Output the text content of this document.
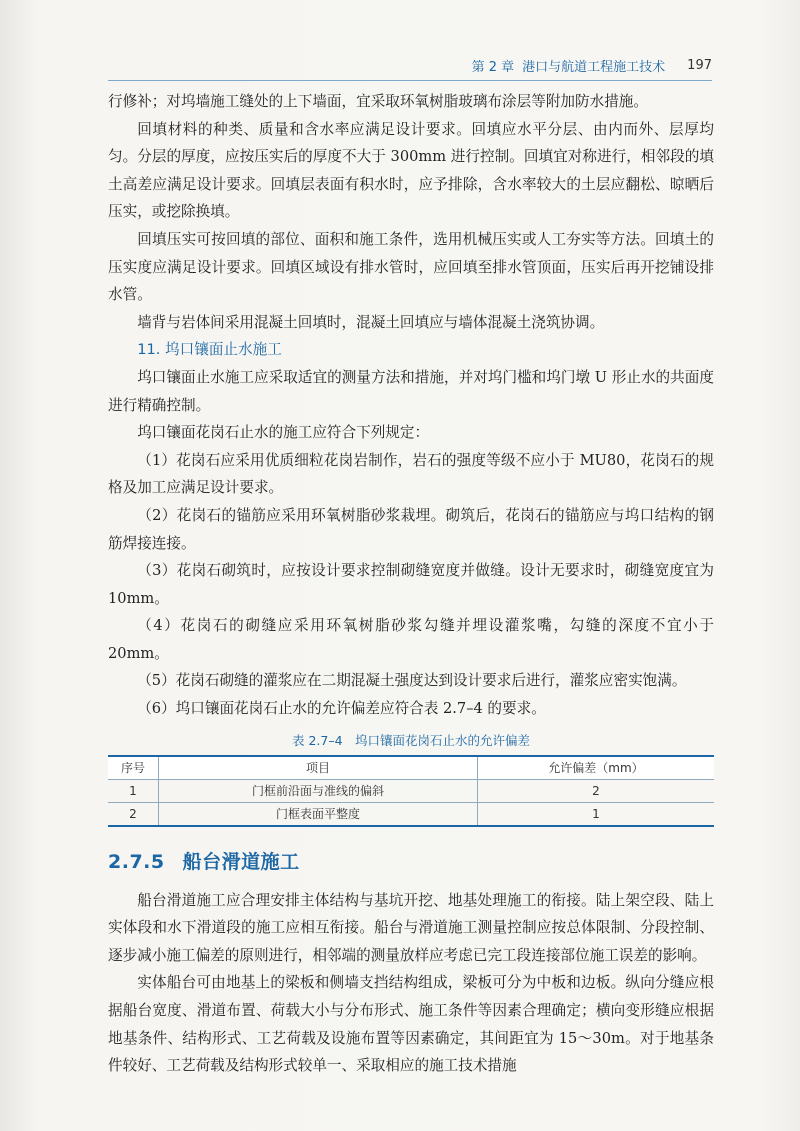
第 2 章 港口与航道工程施工技术 197

行修补；对坞墙施工缝处的上下墙面，宜采取环氧树脂玻璃布涂层等附加防水措施。

回填材料的种类、质量和含水率应满足设计要求。回填应水平分层、由内而外、层厚均匀。分层的厚度，应按压实后的厚度不大于 300mm 进行控制。回填宜对称进行，相邻段的填土高差应满足设计要求。回填层表面有积水时，应予排除，含水率较大的土层应翻松、晾晒后压实，或挖除换填。

回填压实可按回填的部位、面积和施工条件，选用机械压实或人工夯实等方法。回填土的压实度应满足设计要求。回填区域设有排水管时，应回填至排水管顶面，压实后再开挖铺设排水管。

墙背与岩体间采用混凝土回填时，混凝土回填应与墙体混凝土浇筑协调。

11. 坞口镶面止水施工

坞口镶面止水施工应采取适宜的测量方法和措施，并对坞门槛和坞门墩 U 形止水的共面度进行精确控制。

坞口镶面花岗石止水的施工应符合下列规定：

（1）花岗石应采用优质细粒花岗岩制作，岩石的强度等级不应小于 MU80，花岗石的规格及加工应满足设计要求。

（2）花岗石的锚筋应采用环氧树脂砂浆栽埋。砌筑后，花岗石的锚筋应与坞口结构的钢筋焊接连接。

（3）花岗石砌筑时，应按设计要求控制砌缝宽度并做缝。设计无要求时，砌缝宽度宜为 10mm。

（4）花岗石的砌缝应采用环氧树脂砂浆勾缝并埋设灌浆嘴，勾缝的深度不宜小于 20mm。

（5）花岗石砌缝的灌浆应在二期混凝土强度达到设计要求后进行，灌浆应密实饱满。

（6）坞口镶面花岗石止水的允许偏差应符合表 2.7–4 的要求。

表 2.7–4　坞口镶面花岗石止水的允许偏差
序号	项目	允许偏差（mm）
1	门框前沿面与准线的偏斜	2
2	门框表面平整度	1
2.7.5 船台滑道施工

船台滑道施工应合理安排主体结构与基坑开挖、地基处理施工的衔接。陆上架空段、陆上实体段和水下滑道段的施工应相互衔接。船台与滑道施工测量控制应按总体限制、分段控制、逐步减小施工偏差的原则进行，相邻端的测量放样应考虑已完工段连接部位施工误差的影响。

实体船台可由地基上的梁板和侧墙支挡结构组成，梁板可分为中板和边板。纵向分缝应根据船台宽度、滑道布置、荷载大小与分布形式、施工条件等因素合理确定；横向变形缝应根据地基条件、结构形式、工艺荷载及设施布置等因素确定，其间距宜为 15～30m。对于地基条件较好、工艺荷载及结构形式较单一、采取相应的施工技术措施
